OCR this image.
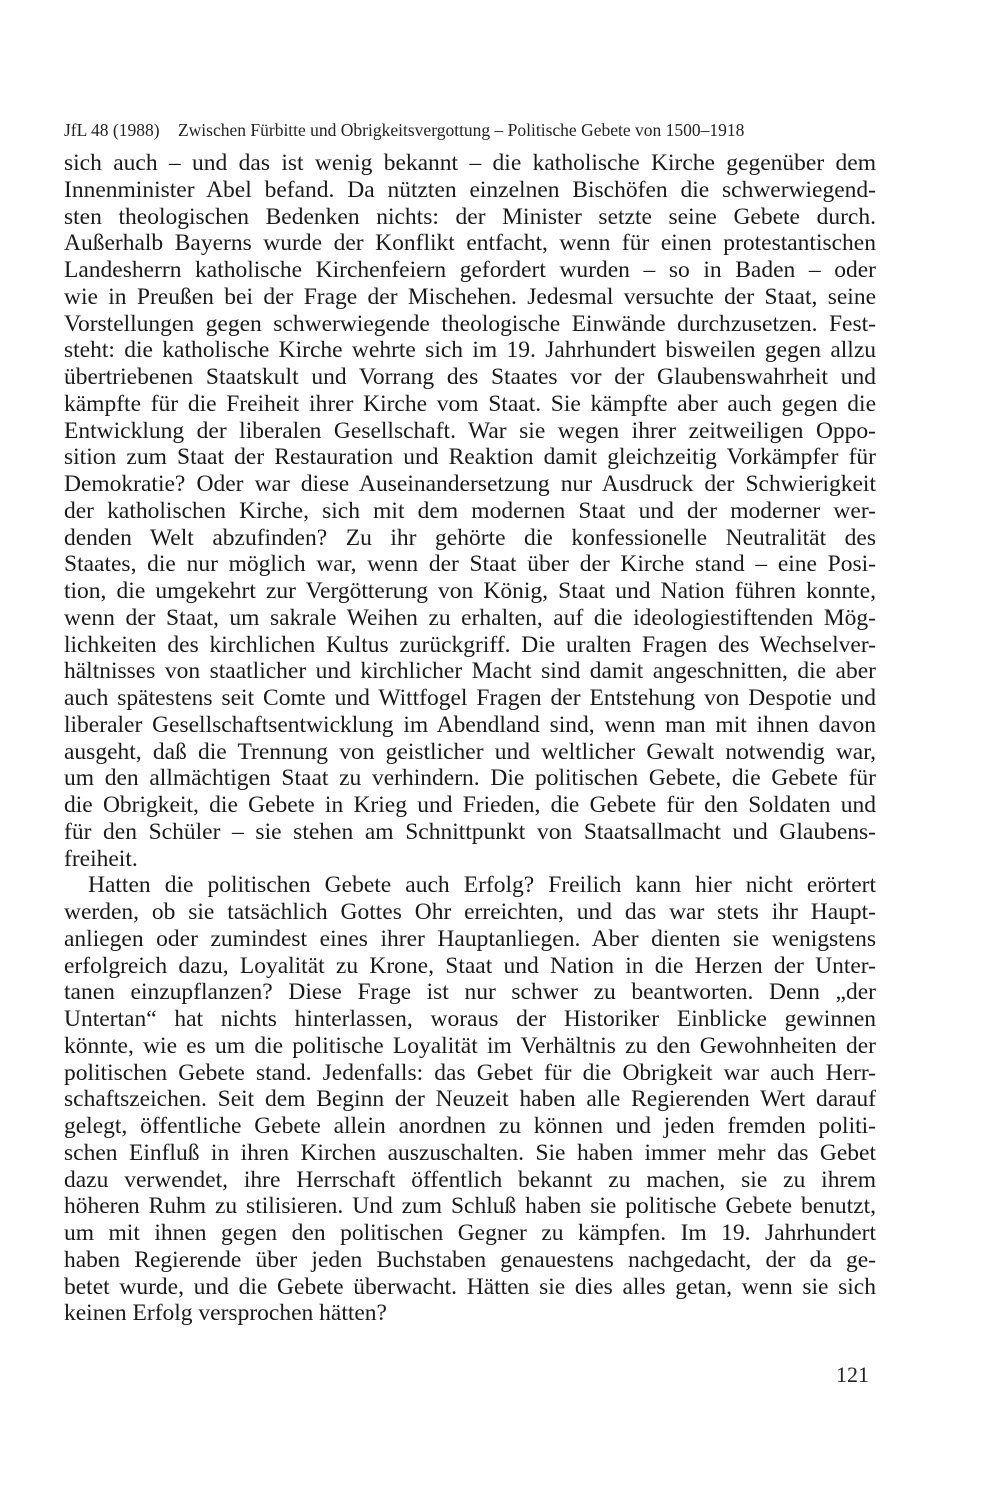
JfL 48 (1988) Zwischen Fürbitte und Obrigkeitsvergottung – Politische Gebete von 1500–1918
sich auch – und das ist wenig bekannt – die katholische Kirche gegenüber dem
Innenminister Abel befand. Da nützten einzelnen Bischöfen die schwerwiegend-
sten theologischen Bedenken nichts: der Minister setzte seine Gebete durch.
Außerhalb Bayerns wurde der Konflikt entfacht, wenn für einen protestantischen
Landesherrn katholische Kirchenfeiern gefordert wurden – so in Baden – oder
wie in Preußen bei der Frage der Mischehen. Jedesmal versuchte der Staat, seine
Vorstellungen gegen schwerwiegende theologische Einwände durchzusetzen. Fest-
steht: die katholische Kirche wehrte sich im 19. Jahrhundert bisweilen gegen allzu
übertriebenen Staatskult und Vorrang des Staates vor der Glaubenswahrheit und
kämpfte für die Freiheit ihrer Kirche vom Staat. Sie kämpfte aber auch gegen die
Entwicklung der liberalen Gesellschaft. War sie wegen ihrer zeitweiligen Oppo-
sition zum Staat der Restauration und Reaktion damit gleichzeitig Vorkämpfer für
Demokratie? Oder war diese Auseinandersetzung nur Ausdruck der Schwierigkeit
der katholischen Kirche, sich mit dem modernen Staat und der moderner wer-
denden Welt abzufinden? Zu ihr gehörte die konfessionelle Neutralität des
Staates, die nur möglich war, wenn der Staat über der Kirche stand – eine Posi-
tion, die umgekehrt zur Vergötterung von König, Staat und Nation führen konnte,
wenn der Staat, um sakrale Weihen zu erhalten, auf die ideologiestiftenden Mög-
lichkeiten des kirchlichen Kultus zurückgriff. Die uralten Fragen des Wechselver-
hältnisses von staatlicher und kirchlicher Macht sind damit angeschnitten, die aber
auch spätestens seit Comte und Wittfogel Fragen der Entstehung von Despotie und
liberaler Gesellschaftsentwicklung im Abendland sind, wenn man mit ihnen davon
ausgeht, daß die Trennung von geistlicher und weltlicher Gewalt notwendig war,
um den allmächtigen Staat zu verhindern. Die politischen Gebete, die Gebete für
die Obrigkeit, die Gebete in Krieg und Frieden, die Gebete für den Soldaten und
für den Schüler – sie stehen am Schnittpunkt von Staatsallmacht und Glaubens-
freiheit.
Hatten die politischen Gebete auch Erfolg? Freilich kann hier nicht erörtert
werden, ob sie tatsächlich Gottes Ohr erreichten, und das war stets ihr Haupt-
anliegen oder zumindest eines ihrer Hauptanliegen. Aber dienten sie wenigstens
erfolgreich dazu, Loyalität zu Krone, Staat und Nation in die Herzen der Unter-
tanen einzupflanzen? Diese Frage ist nur schwer zu beantworten. Denn „der
Untertan“ hat nichts hinterlassen, woraus der Historiker Einblicke gewinnen
könnte, wie es um die politische Loyalität im Verhältnis zu den Gewohnheiten der
politischen Gebete stand. Jedenfalls: das Gebet für die Obrigkeit war auch Herr-
schaftszeichen. Seit dem Beginn der Neuzeit haben alle Regierenden Wert darauf
gelegt, öffentliche Gebete allein anordnen zu können und jeden fremden politi-
schen Einfluß in ihren Kirchen auszuschalten. Sie haben immer mehr das Gebet
dazu verwendet, ihre Herrschaft öffentlich bekannt zu machen, sie zu ihrem
höheren Ruhm zu stilisieren. Und zum Schluß haben sie politische Gebete benutzt,
um mit ihnen gegen den politischen Gegner zu kämpfen. Im 19. Jahrhundert
haben Regierende über jeden Buchstaben genauestens nachgedacht, der da ge-
betet wurde, und die Gebete überwacht. Hätten sie dies alles getan, wenn sie sich
keinen Erfolg versprochen hätten?
121
